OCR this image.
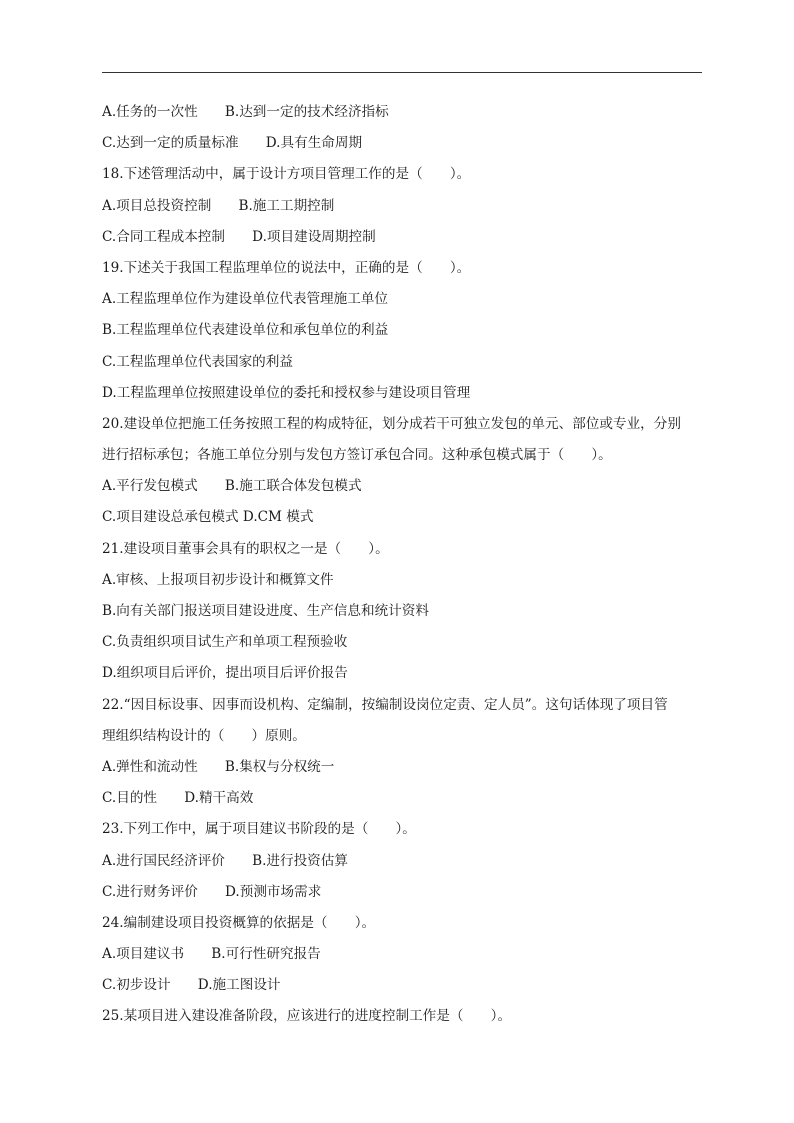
A.任务的一次性　　B.达到一定的技术经济指标
C.达到一定的质量标准　　D.具有生命周期
18.下述管理活动中，属于设计方项目管理工作的是（　　）。
A.项目总投资控制　　B.施工工期控制
C.合同工程成本控制　　D.项目建设周期控制
19.下述关于我国工程监理单位的说法中，正确的是（　　）。
A.工程监理单位作为建设单位代表管理施工单位
B.工程监理单位代表建设单位和承包单位的利益
C.工程监理单位代表国家的利益
D.工程监理单位按照建设单位的委托和授权参与建设项目管理
20.建设单位把施工任务按照工程的构成特征，划分成若干可独立发包的单元、部位或专业，分别
进行招标承包；各施工单位分别与发包方签订承包合同。这种承包模式属于（　　）。
A.平行发包模式　　B.施工联合体发包模式
C.项目建设总承包模式 D.CM 模式
21.建设项目董事会具有的职权之一是（　　）。
A.审核、上报项目初步设计和概算文件
B.向有关部门报送项目建设进度、生产信息和统计资料
C.负责组织项目试生产和单项工程预验收
D.组织项目后评价，提出项目后评价报告
22.“因目标设事、因事而设机构、定编制，按编制设岗位定责、定人员”。这句话体现了项目管
理组织结构设计的（　　）原则。
A.弹性和流动性　　B.集权与分权统一
C.目的性　　D.精干高效
23.下列工作中，属于项目建议书阶段的是（　　）。
A.进行国民经济评价　　B.进行投资估算
C.进行财务评价　　D.预测市场需求
24.编制建设项目投资概算的依据是（　　）。
A.项目建议书　　B.可行性研究报告
C.初步设计　　D.施工图设计
25.某项目进入建设准备阶段，应该进行的进度控制工作是（　　）。
